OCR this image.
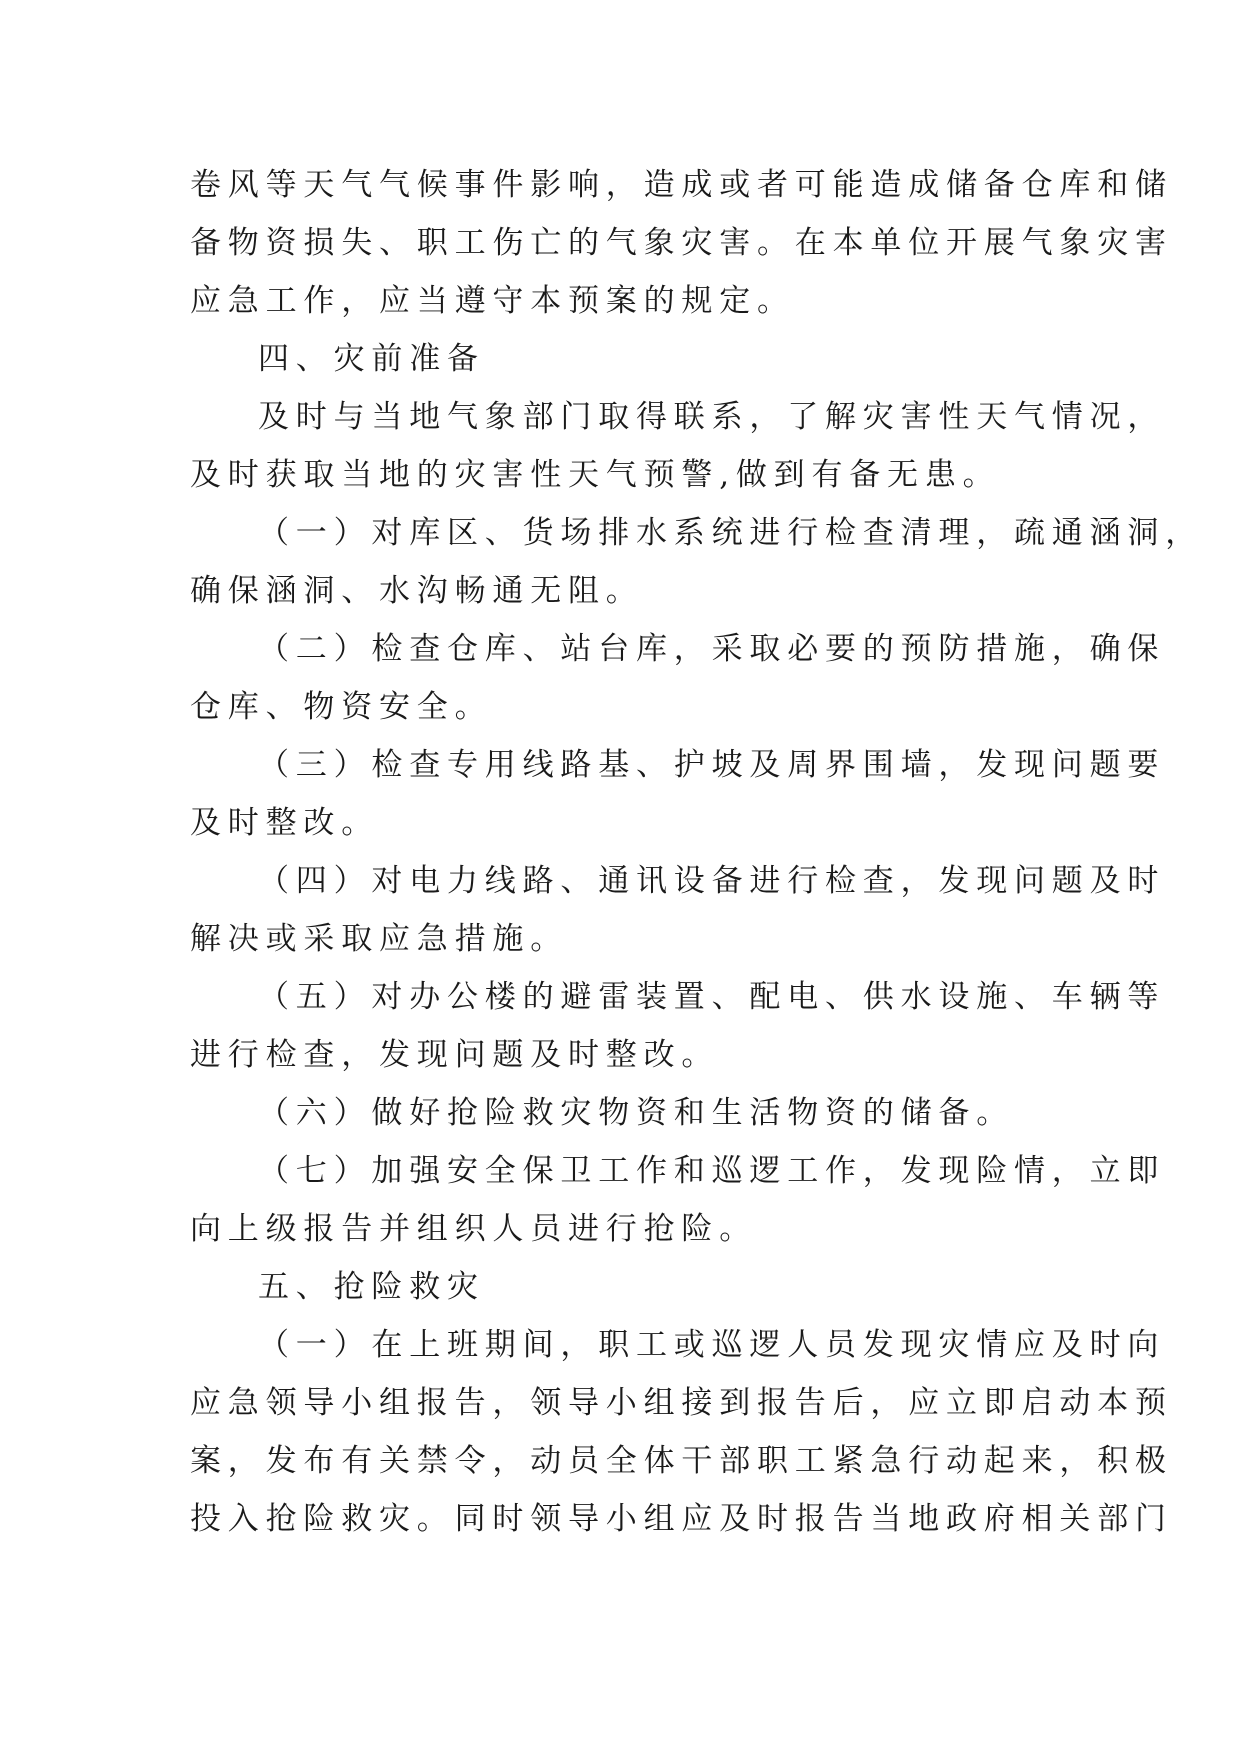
卷风等天气气候事件影响，造成或者可能造成储备仓库和储
备物资损失、职工伤亡的气象灾害。在本单位开展气象灾害
应急工作，应当遵守本预案的规定。
四、灾前准备
及时与当地气象部门取得联系，了解灾害性天气情况，
及时获取当地的灾害性天气预警,做到有备无患。
（一）对库区、货场排水系统进行检查清理，疏通涵洞，
确保涵洞、水沟畅通无阻。
（二）检查仓库、站台库，采取必要的预防措施，确保
仓库、物资安全。
（三）检查专用线路基、护坡及周界围墙，发现问题要
及时整改。
（四）对电力线路、通讯设备进行检查，发现问题及时
解决或采取应急措施。
（五）对办公楼的避雷装置、配电、供水设施、车辆等
进行检查，发现问题及时整改。
（六）做好抢险救灾物资和生活物资的储备。
（七）加强安全保卫工作和巡逻工作，发现险情，立即
向上级报告并组织人员进行抢险。
五、抢险救灾
（一）在上班期间，职工或巡逻人员发现灾情应及时向
应急领导小组报告，领导小组接到报告后，应立即启动本预
案，发布有关禁令，动员全体干部职工紧急行动起来，积极
投入抢险救灾。同时领导小组应及时报告当地政府相关部门
